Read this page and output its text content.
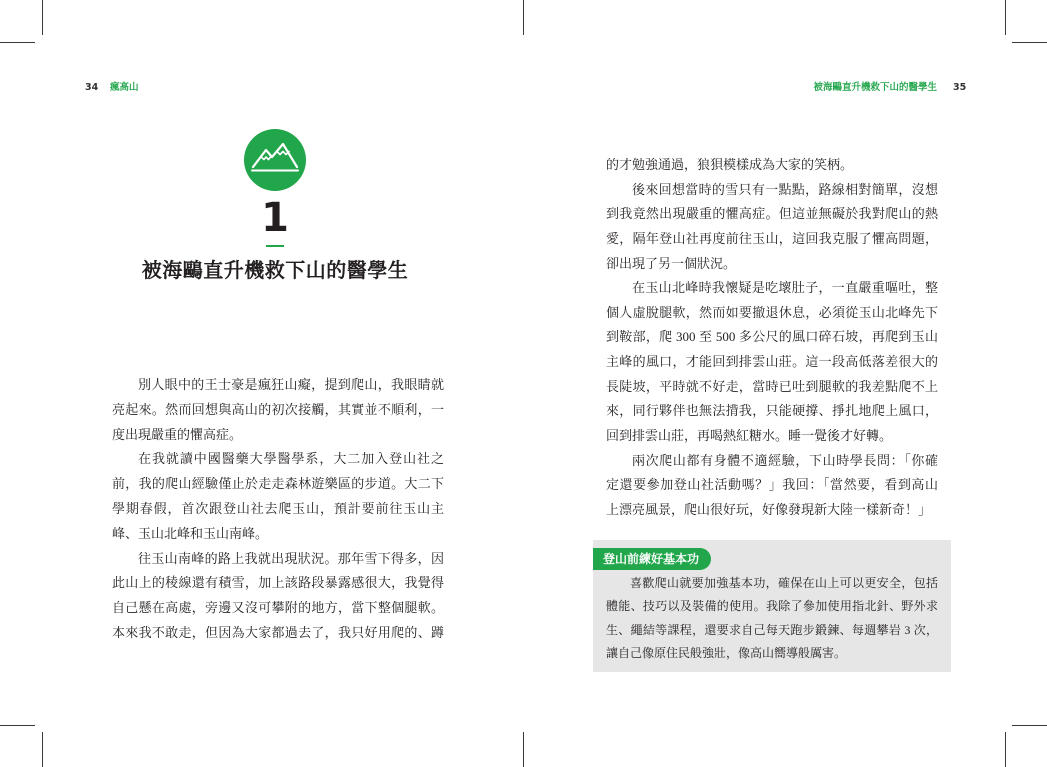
34 瘋高山	被海鷗直升機救下山的醫學生 35
1
被海鷗直升機救下山的醫學生
別人眼中的王士豪是瘋狂山癡，提到爬山，我眼睛就
亮起來。然而回想與高山的初次接觸，其實並不順利，一
度出現嚴重的懼高症。
在我就讀中國醫藥大學醫學系，大二加入登山社之
前，我的爬山經驗僅止於走走森林遊樂區的步道。大二下
學期春假，首次跟登山社去爬玉山，預計要前往玉山主
峰、玉山北峰和玉山南峰。
往玉山南峰的路上我就出現狀況。那年雪下得多，因
此山上的稜線還有積雪，加上該路段暴露感很大，我覺得
自己懸在高處，旁邊又沒可攀附的地方，當下整個腿軟。
本來我不敢走，但因為大家都過去了，我只好用爬的、蹲
的才勉強通過，狼狽模樣成為大家的笑柄。
後來回想當時的雪只有一點點，路線相對簡單，沒想
到我竟然出現嚴重的懼高症。但這並無礙於我對爬山的熱
愛，隔年登山社再度前往玉山，這回我克服了懼高問題，
卻出現了另一個狀況。
在玉山北峰時我懷疑是吃壞肚子，一直嚴重嘔吐，整
個人虛脫腿軟，然而如要撤退休息，必須從玉山北峰先下
到鞍部，爬 300 至 500 多公尺的風口碎石坡，再爬到玉山
主峰的風口，才能回到排雲山莊。這一段高低落差很大的
長陡坡，平時就不好走，當時已吐到腿軟的我差點爬不上
來，同行夥伴也無法揹我，只能硬撐、掙扎地爬上風口，
回到排雲山莊，再喝熱紅糖水。睡一覺後才好轉。
兩次爬山都有身體不適經驗，下山時學長問：「你確
定還要參加登山社活動嗎？」我回：「當然要，看到高山
上漂亮風景，爬山很好玩，好像發現新大陸一樣新奇！」
登山前練好基本功
喜歡爬山就要加強基本功，確保在山上可以更安全，包括
體能、技巧以及裝備的使用。我除了參加使用指北針、野外求
生、繩結等課程，還要求自己每天跑步鍛鍊、每週攀岩 3 次，
讓自己像原住民般強壯，像高山嚮導般厲害。
